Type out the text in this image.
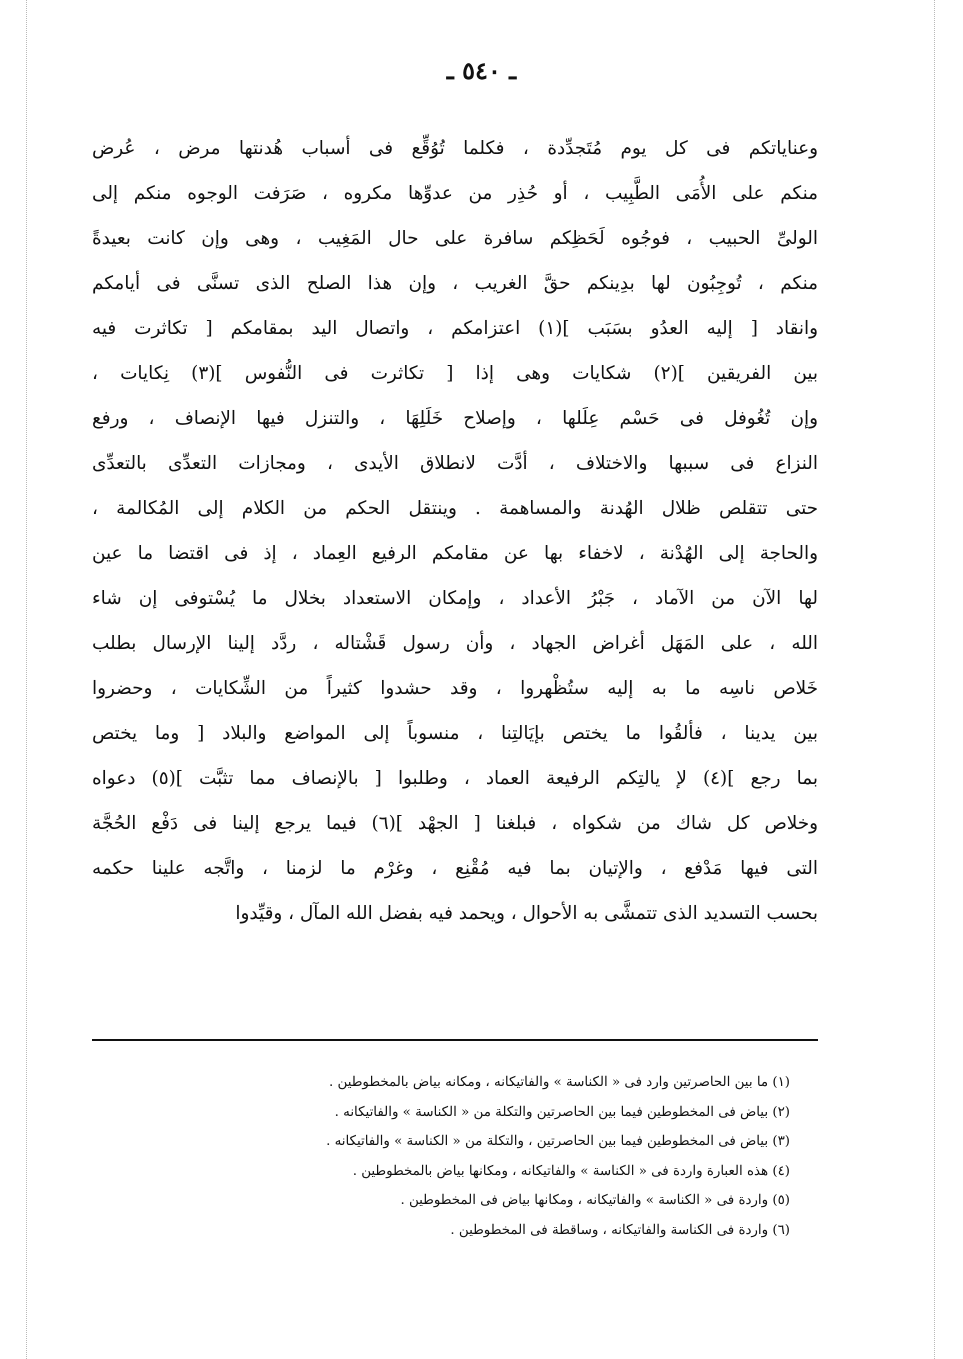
ـ ٥٤٠ ـ
وعناياتكم فى كل يوم مُتَجدِّدة ، فكلما تُوُقِّع فى أسباب هُدنتها مرض ، عُرض
منكم على الأُمَى الطَّبِيب ، أو حُذِر من عدوِّها مكروه ، صَرَفت الوجوه منكم إلى
الولىِّ الحبيب ، فوجُوه لَحَظِكم سافرة على حال المَغِيب ، وهى وإن كانت بعيدةً
منكم ، تُوجِبُون لها بدِينكم حقَّ الغريب ، وإن هذا الصلح الذى تسنَّى فى أيامكم
وانقاد [ إليه العدُو بسَبَب ](١) اعتزامكم ، واتصال اليد بمقامكم [ تكاثرت فيه
بين الفريقين ](٢) شكايات وهى إذا [ تكاثرت فى النُّفوس ](٣) نِكايات ،
وإن تُغُوفل فى حَسْم عِلَلها ، وإصلاح خَلَلِهَا ، والتنزل فيها الإنصاف ، ورفع
النزاع فى سببها والاختلاف ، أدَّت لانطلاق الأيدى ، ومجازات التعدِّى بالتعدِّى
حتى تتقلص ظلال الهُدنة والمساهمة . وينتقل الحكم من الكلام إلى المُكالمة ،
والحاجة إلى الهُدْنة ، لاخفاء بها عن مقامكم الرفيع العِماد ، إذ فى اقتضا ما عين
لها الآن من الآماد ، جَبْرُ الأعداد ، وإمكان الاستعداد بخلال ما يُسْتوفى إن شاء
الله ، على المَهَل أغراض الجهاد ، وأن رسول قَشْتاله ، ردَّد إلينا الإرسال بطلب
خَلاص ناسِه ما به إليه ستُظْهروا ، وقد حشدوا كثيراً من الشِّكايات ، وحضروا
بين يدينا ، فألقُوا ما يختص بإيَالتِنا ، منسوباً إلى المواضع والبلاد [ وما يختص
بما رجع ](٤) لإ يالتِكم الرفيعة العماد ، وطلبوا [ بالإنصاف مما تثبَّت ](٥) دعواه
وخلاص كل شاك من شكواه ، فبلغنا [ الجهْد ](٦) فيما يرجع إلينا فى دَفْع الحُجَّة
التى فيها مَدْفع ، والإتيان بما فيه مُقْنِع ، وغرْم ما لزمنا ، واتَّجه علينا حكمه
بحسب التسديد الذى تتمشَّى به الأحوال ، ويحمد فيه بفضل الله المآل ، وقيِّدوا
(١) ما بين الحاصرتين وارد فى « الكناسة » والفاتيكانه ، ومكانه بياض بالمخطوطين .
(٢) بياض فى المخطوطين فيما بين الحاصرتين والتكلة من « الكناسة » والفاتيكانه .
(٣) بياض فى المخطوطين فيما بين الحاصرتين ، والتكلة من « الكناسة » والفاتيكانه .
(٤) هذه العبارة واردة فى « الكناسة » والفاتيكانه ، ومكانها بياض بالمخطوطين .
(٥) واردة فى « الكناسة » والفاتيكانه ، ومكانها بياض فى المخطوطين .
(٦) واردة فى الكناسة والفاتيكانه ، وساقطة فى المخطوطين .
